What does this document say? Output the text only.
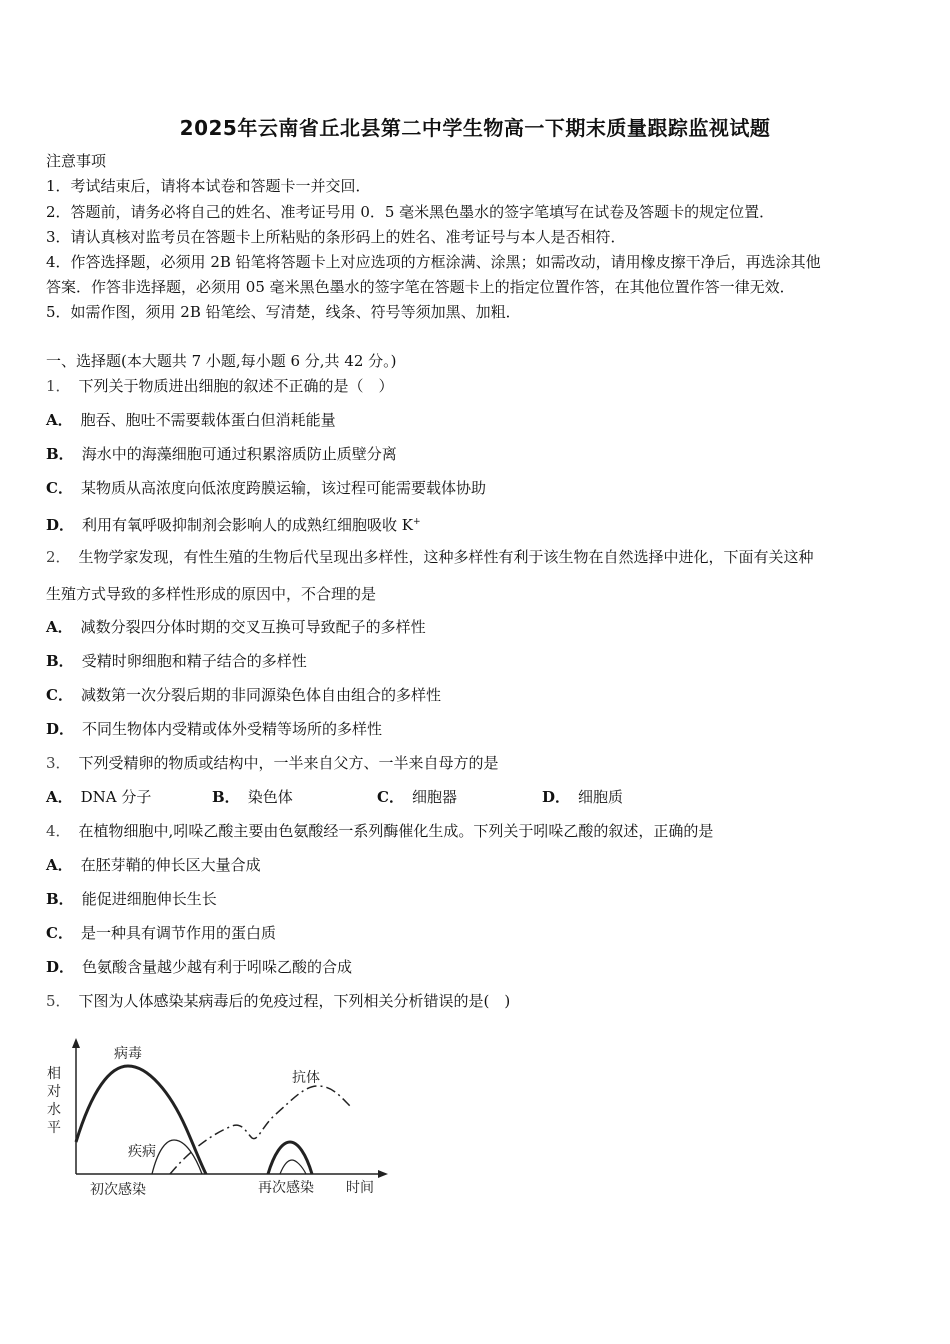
2025年云南省丘北县第二中学生物高一下期末质量跟踪监视试题
注意事项
1．考试结束后，请将本试卷和答题卡一并交回．
2．答题前，请务必将自己的姓名、准考证号用 0．5 毫米黑色墨水的签字笔填写在试卷及答题卡的规定位置．
3．请认真核对监考员在答题卡上所粘贴的条形码上的姓名、准考证号与本人是否相符．
4．作答选择题，必须用 2B 铅笔将答题卡上对应选项的方框涂满、涂黑；如需改动，请用橡皮擦干净后，再选涂其他
答案．作答非选择题，必须用 05 毫米黑色墨水的签字笔在答题卡上的指定位置作答，在其他位置作答一律无效．
5．如需作图，须用 2B 铅笔绘、写清楚，线条、符号等须加黑、加粗．
一、选择题(本大题共 7 小题,每小题 6 分,共 42 分。)
1． 下列关于物质进出细胞的叙述不正确的是（　）
A． 胞吞、胞吐不需要载体蛋白但消耗能量
B． 海水中的海藻细胞可通过积累溶质防止质壁分离
C． 某物质从高浓度向低浓度跨膜运输，该过程可能需要载体协助
D． 利用有氧呼吸抑制剂会影响人的成熟红细胞吸收 K+
2． 生物学家发现，有性生殖的生物后代呈现出多样性，这种多样性有利于该生物在自然选择中进化，下面有关这种
生殖方式导致的多样性形成的原因中，不合理的是
A． 减数分裂四分体时期的交叉互换可导致配子的多样性
B． 受精时卵细胞和精子结合的多样性
C． 减数第一次分裂后期的非同源染色体自由组合的多样性
D． 不同生物体内受精或体外受精等场所的多样性
3． 下列受精卵的物质或结构中，一半来自父方、一半来自母方的是
A． DNA 分子	B． 染色体	C． 细胞器	D． 细胞质
4． 在植物细胞中,吲哚乙酸主要由色氨酸经一系列酶催化生成。下列关于吲哚乙酸的叙述，正确的是
A． 在胚芽鞘的伸长区大量合成
B． 能促进细胞伸长生长
C． 是一种具有调节作用的蛋白质
D． 色氨酸含量越少越有利于吲哚乙酸的合成
5． 下图为人体感染某病毒后的免疫过程，下列相关分析错误的是(　)
相
对
水
平
病毒
疾病
抗体
初次感染	再次感染 时间
